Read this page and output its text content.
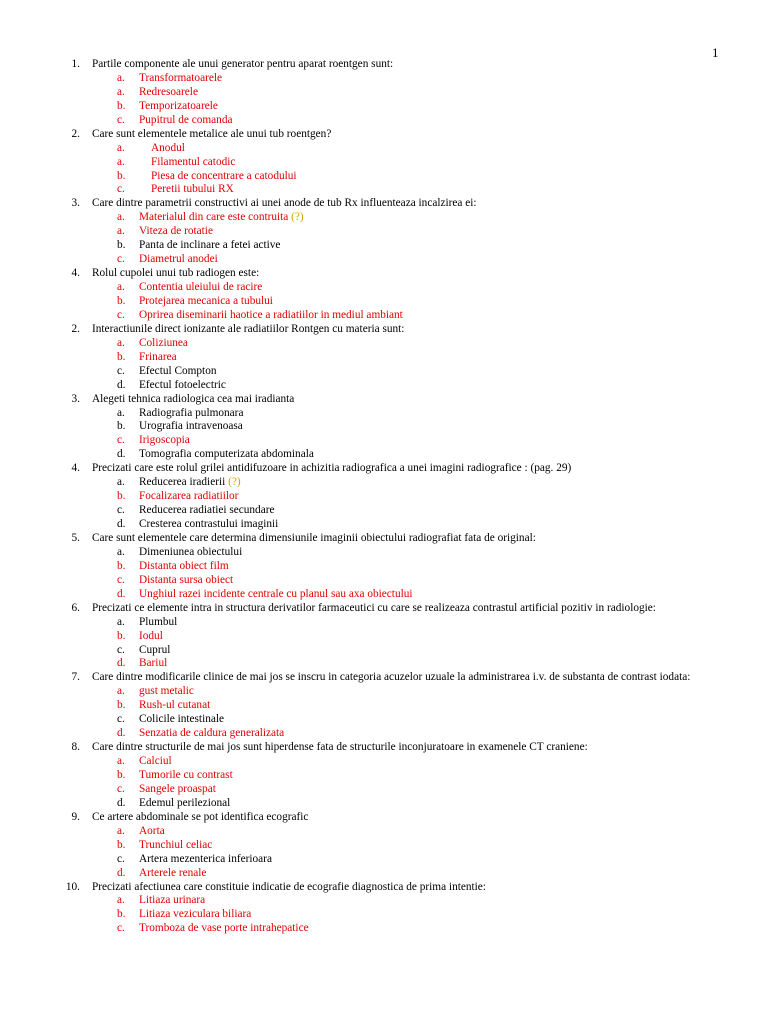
1
1. Partile componente ale unui generator pentru aparat roentgen sunt:
a. Transformatoarele
a. Redresoarele
b. Temporizatoarele
c. Pupitrul de comanda
2. Care sunt elementele metalice ale unui tub roentgen?
a. Anodul
a. Filamentul catodic
b. Piesa de concentrare a catodului
c. Peretii tubului RX
3. Care dintre parametrii constructivi ai unei anode de tub Rx influenteaza incalzirea ei:
a. Materialul din care este contruita (?)
a. Viteza de rotatie
b. Panta de inclinare a fetei active
c. Diametrul anodei
4. Rolul cupolei unui tub radiogen este:
a. Contentia uleiului de racire
b. Protejarea mecanica a tubului
c. Oprirea diseminarii haotice a radiatiilor in mediul ambiant
2. Interactiunile direct ionizante ale radiatiilor Rontgen cu materia sunt:
a. Coliziunea
b. Frinarea
c. Efectul Compton
d. Efectul fotoelectric
3. Alegeti tehnica radiologica cea mai iradianta
a. Radiografia pulmonara
b. Urografia intravenoasa
c. Irigoscopia
d. Tomografia computerizata abdominala
4. Precizati care este rolul grilei antidifuzoare in achizitia radiografica a unei imagini radiografice : (pag. 29)
a. Reducerea iradierii (?)
b. Focalizarea radiatiilor
c. Reducerea radiatiei secundare
d. Cresterea contrastului imaginii
5. Care sunt elementele care determina dimensiunile imaginii obiectului radiografiat fata de original:
a. Dimeniunea obiectului
b. Distanta obiect film
c. Distanta sursa obiect
d. Unghiul razei incidente centrale cu planul sau axa obiectului
6. Precizati ce elemente intra in structura derivatilor farmaceutici cu care se realizeaza contrastul artificial pozitiv in radiologie:
a. Plumbul
b. Iodul
c. Cuprul
d. Bariul
7. Care dintre modificarile clinice de mai jos se inscru in categoria acuzelor uzuale la administrarea i.v. de substanta de contrast iodata:
a. gust metalic
b. Rush-ul cutanat
c. Colicile intestinale
d. Senzatia de caldura generalizata
8. Care dintre structurile de mai jos sunt hiperdense fata de structurile inconjuratoare in examenele CT craniene:
a. Calciul
b. Tumorile cu contrast
c. Sangele proaspat
d. Edemul perilezional
9. Ce artere abdominale se pot identifica ecografic
a. Aorta
b. Trunchiul celiac
c. Artera mezenterica inferioara
d. Arterele renale
10. Precizati afectiunea care constituie indicatie de ecografie diagnostica de prima intentie:
a. Litiaza urinara
b. Litiaza veziculara biliara
c. Tromboza de vase porte intrahepatice
